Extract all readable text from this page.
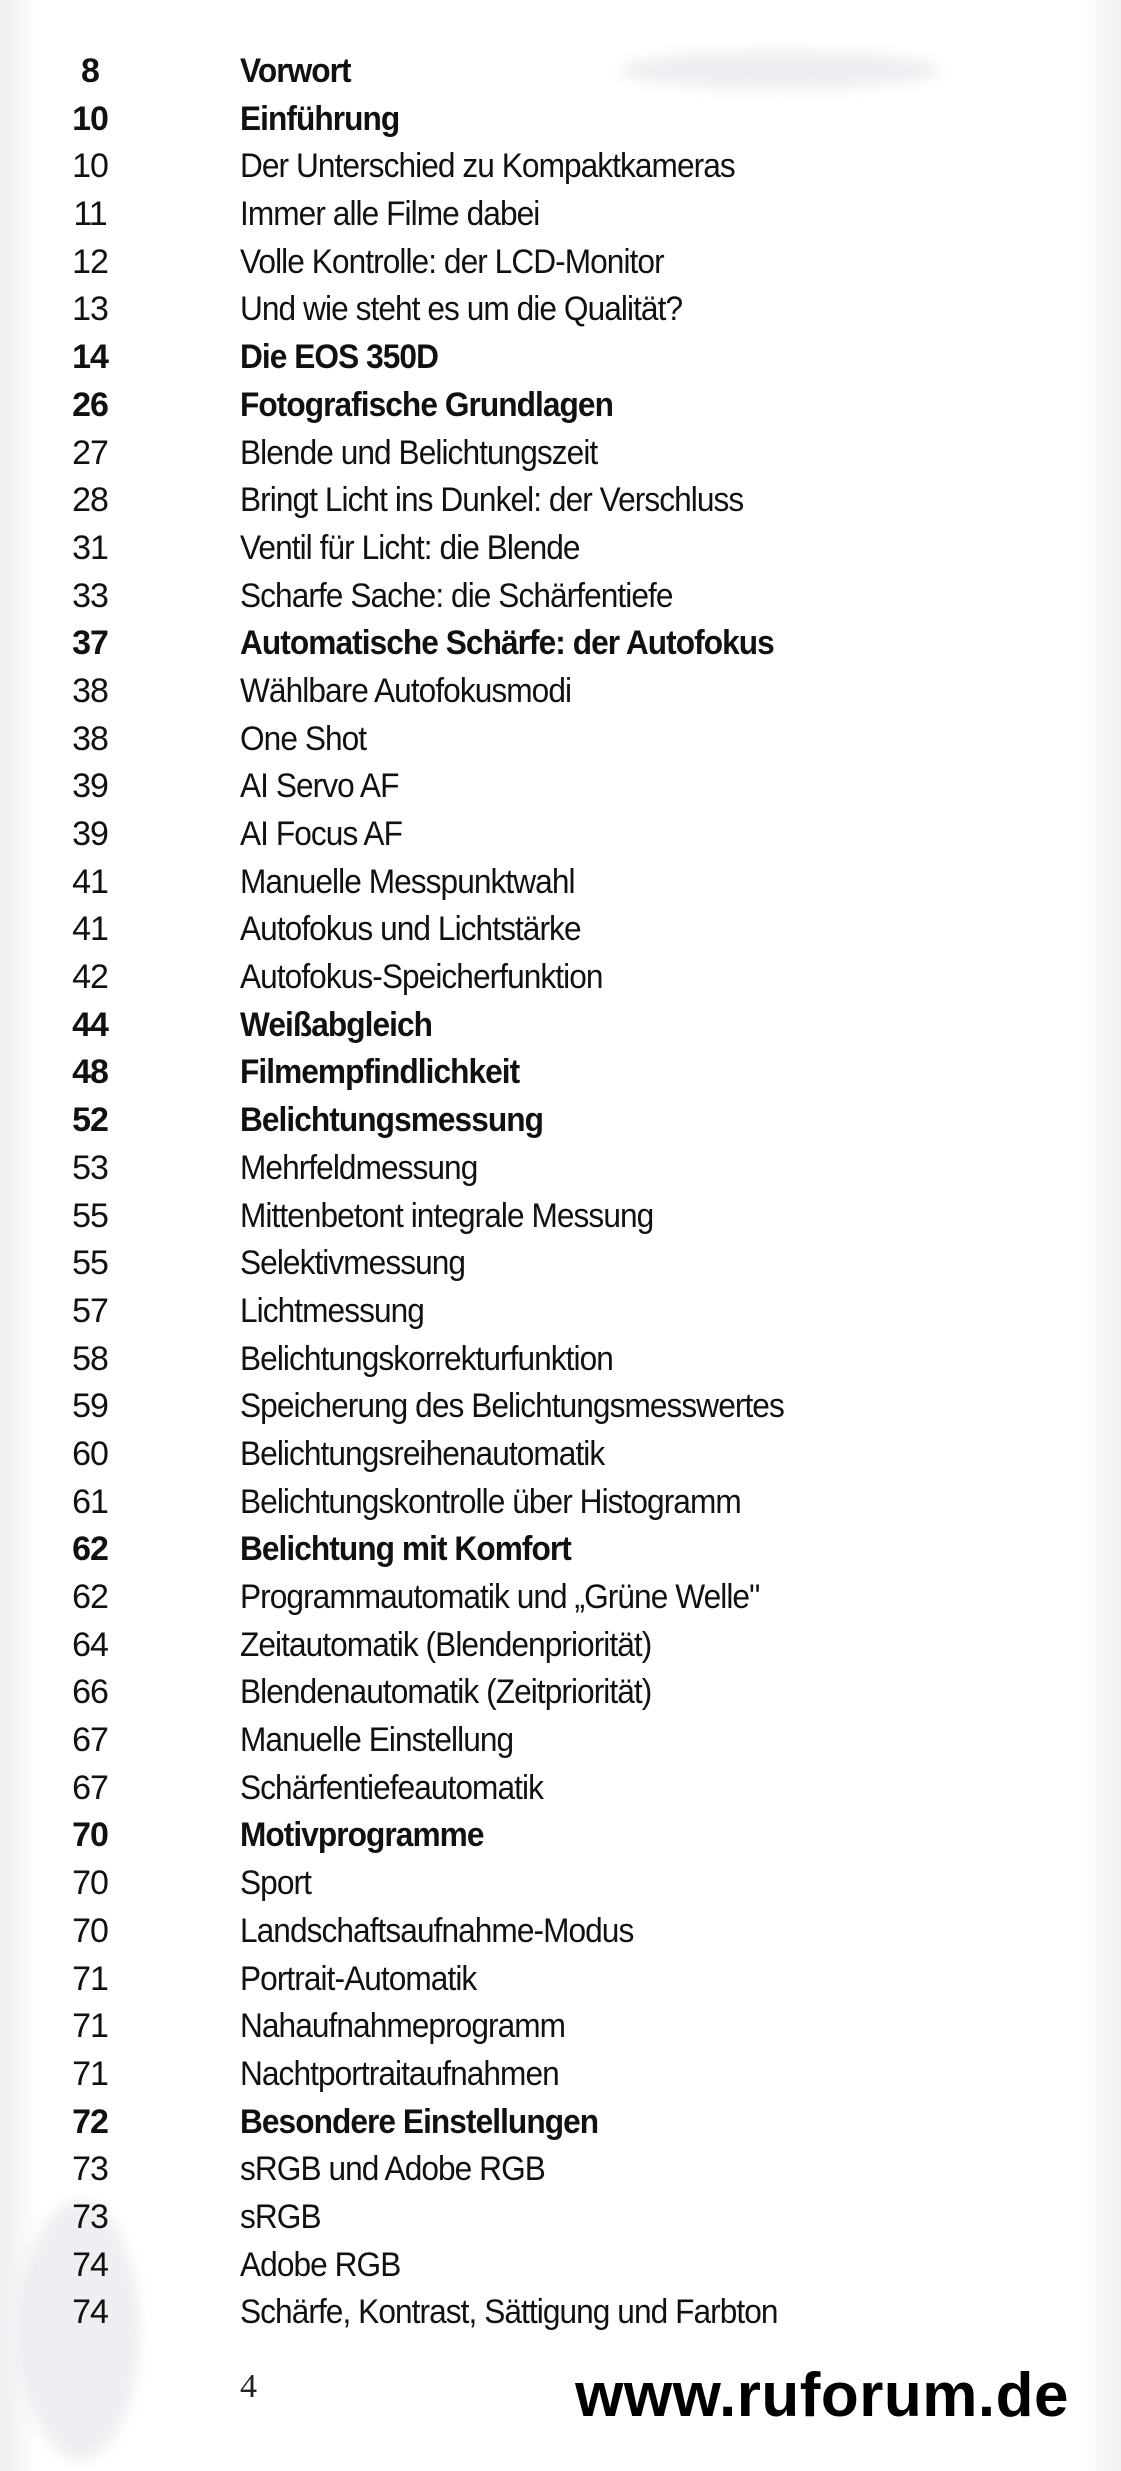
8	Vorwort
10	Einführung
10	Der Unterschied zu Kompaktkameras
11	Immer alle Filme dabei
12	Volle Kontrolle: der LCD-Monitor
13	Und wie steht es um die Qualität?
14	Die EOS 350D
26	Fotografische Grundlagen
27	Blende und Belichtungszeit
28	Bringt Licht ins Dunkel: der Verschluss
31	Ventil für Licht: die Blende
33	Scharfe Sache: die Schärfentiefe
37	Automatische Schärfe: der Autofokus
38	Wählbare Autofokusmodi
38	One Shot
39	AI Servo AF
39	AI Focus AF
41	Manuelle Messpunktwahl
41	Autofokus und Lichtstärke
42	Autofokus-Speicherfunktion
44	Weißabgleich
48	Filmempfindlichkeit
52	Belichtungsmessung
53	Mehrfeldmessung
55	Mittenbetont integrale Messung
55	Selektivmessung
57	Lichtmessung
58	Belichtungskorrekturfunktion
59	Speicherung des Belichtungsmesswertes
60	Belichtungsreihenautomatik
61	Belichtungskontrolle über Histogramm
62	Belichtung mit Komfort
62	Programmautomatik und „Grüne Welle"
64	Zeitautomatik (Blendenpriorität)
66	Blendenautomatik (Zeitpriorität)
67	Manuelle Einstellung
67	Schärfentiefeautomatik
70	Motivprogramme
70	Sport
70	Landschaftsaufnahme-Modus
71	Portrait-Automatik
71	Nahaufnahmeprogramm
71	Nachtportraitaufnahmen
72	Besondere Einstellungen
73	sRGB und Adobe RGB
73	sRGB
74	Adobe RGB
74	Schärfe, Kontrast, Sättigung und Farbton
4	www.ruforum.de
